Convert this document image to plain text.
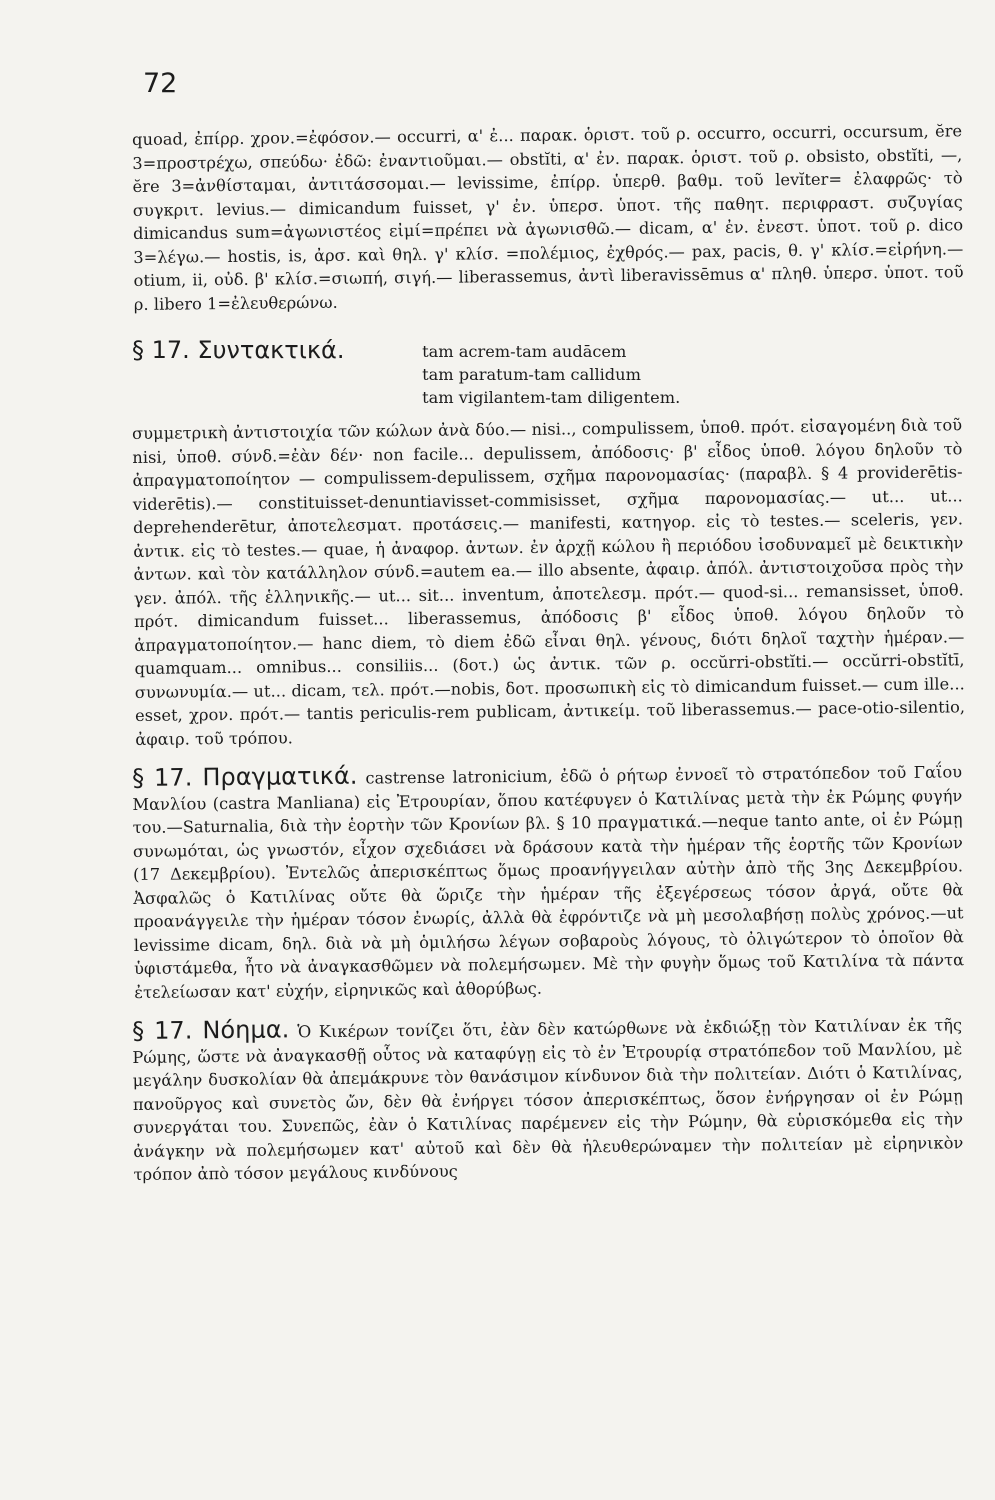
72

quoad, ἐπίρρ. χρον.=ἐφόσον.— occurri, α' ἐ... παρακ. ὁριστ. τοῦ ρ. occurro, occurri, occursum, ĕre 3=προστρέχω, σπεύδω· ἐδῶ: ἐναντιοῦμαι.— obstĭti, α' ἐν. παρακ. ὁριστ. τοῦ ρ. obsisto, obstĭti, —, ĕre 3=ἀνθίσταμαι, ἀντιτάσσομαι.— levissime, ἐπίρρ. ὑπερθ. βαθμ. τοῦ levĭter= ἐλαφρῶς· τὸ συγκριτ. levius.— dimicandum fuisset, γ' ἐν. ὑπερσ. ὑποτ. τῆς παθητ. περιφραστ. συζυγίας dimicandus sum=ἀγωνιστέος εἰμί=πρέπει νὰ ἀγωνισθῶ.— dicam, α' ἐν. ἐνεστ. ὑποτ. τοῦ ρ. dico 3=λέγω.— hostis, is, ἀρσ. καὶ θηλ. γ' κλίσ. =πολέμιος, ἐχθρός.— pax, pacis, θ. γ' κλίσ.=εἰρήνη.—otium, ii, οὐδ. β' κλίσ.=σιωπή, σιγή.— liberassemus, ἀντὶ liberavissēmus α' πληθ. ὑπερσ. ὑποτ. τοῦ ρ. libero 1=ἐλευθερώνω.

§ 17. Συντακτικά.	tam acrem-tam audācem
tam paratum-tam callidum
tam vigilantem-tam diligentem.

συμμετρικὴ ἀντιστοιχία τῶν κώλων ἀνὰ δύο.— nisi.., compulissem, ὑποθ. πρότ. εἰσαγομένη διὰ τοῦ nisi, ὑποθ. σύνδ.=ἐὰν δέν· non facile... depulissem, ἀπόδοσις· β' εἶδος ὑποθ. λόγου δηλοῦν τὸ ἀπραγματοποίητον — compulissem-depulissem, σχῆμα παρονομασίας· (παραβλ. § 4 providerētis-viderētis).— constituisset-denuntiavisset-commisisset, σχῆμα παρονομασίας.— ut... ut... deprehenderētur, ἀποτελεσματ. προτάσεις.— manifesti, κατηγορ. εἰς τὸ testes.— sceleris, γεν. ἀντικ. εἰς τὸ testes.— quae, ἡ ἀναφορ. ἀντων. ἐν ἀρχῇ κώλου ἢ περιόδου ἰσοδυναμεῖ μὲ δεικτικὴν ἀντων. καὶ τὸν κατάλληλον σύνδ.=autem ea.— illo absente, ἀφαιρ. ἀπόλ. ἀντιστοιχοῦσα πρὸς τὴν γεν. ἀπόλ. τῆς ἑλληνικῆς.— ut... sit... inventum, ἀποτελεσμ. πρότ.— quod-si... remansisset, ὑποθ. πρότ. dimicandum fuisset... liberassemus, ἀπόδοσις β' εἶδος ὑποθ. λόγου δηλοῦν τὸ ἀπραγματοποίητον.— hanc diem, τὸ diem ἐδῶ εἶναι θηλ. γένους, διότι δηλοῖ ταχτὴν ἡμέραν.—quamquam... omnibus... consiliis... (δοτ.) ὡς ἀντικ. τῶν ρ. occŭrri-obstĭti.— occŭrri-obstĭtī, συνωνυμία.— ut... dicam, τελ. πρότ.—nobis, δοτ. προσωπικὴ εἰς τὸ dimicandum fuisset.— cum ille... esset, χρον. πρότ.— tantis periculis-rem publicam, ἀντικείμ. τοῦ liberassemus.— pace-otio-silentio, ἀφαιρ. τοῦ τρόπου.

§ 17. Πραγματικά. castrense latronicium, ἐδῶ ὁ ρήτωρ ἐννοεῖ τὸ στρατόπεδον τοῦ Γαΐου Μανλίου (castra Manliana) εἰς Ἐτρουρίαν, ὅπου κατέφυγεν ὁ Κατιλίνας μετὰ τὴν ἐκ Ρώμης φυγήν του.—Saturnalia, διὰ τὴν ἑορτὴν τῶν Κρονίων βλ. § 10 πραγματικά.—neque tanto ante, οἱ ἐν Ρώμῃ συνωμόται, ὡς γνωστόν, εἶχον σχεδιάσει νὰ δράσουν κατὰ τὴν ἡμέραν τῆς ἑορτῆς τῶν Κρονίων (17 Δεκεμβρίου). Ἐντελῶς ἀπερισκέπτως ὅμως προανήγγειλαν αὐτὴν ἀπὸ τῆς 3ης Δεκεμβρίου. Ἀσφαλῶς ὁ Κατιλίνας οὔτε θὰ ὥριζε τὴν ἡμέραν τῆς ἐξεγέρσεως τόσον ἀργά, οὔτε θὰ προανάγγειλε τὴν ἡμέραν τόσον ἐνωρίς, ἀλλὰ θὰ ἐφρόντιζε νὰ μὴ μεσολαβήσῃ πολὺς χρόνος.—ut levissime dicam, δηλ. διὰ νὰ μὴ ὁμιλήσω λέγων σοβαροὺς λόγους, τὸ ὀλιγώτερον τὸ ὁποῖον θὰ ὑφιστάμεθα, ἦτο νὰ ἀναγκασθῶμεν νὰ πολεμήσωμεν. Μὲ τὴν φυγὴν ὅμως τοῦ Κατιλίνα τὰ πάντα ἐτελείωσαν κατ' εὐχήν, εἰρηνικῶς καὶ ἀθορύβως.

§ 17. Νόημα. Ὁ Κικέρων τονίζει ὅτι, ἐὰν δὲν κατώρθωνε νὰ ἐκδιώξῃ τὸν Κατιλίναν ἐκ τῆς Ρώμης, ὥστε νὰ ἀναγκασθῇ οὗτος νὰ καταφύγῃ εἰς τὸ ἐν Ἐτρουρίᾳ στρατόπεδον τοῦ Μανλίου, μὲ μεγάλην δυσκολίαν θὰ ἀπεμάκρυνε τὸν θανάσιμον κίνδυνον διὰ τὴν πολιτείαν. Διότι ὁ Κατιλίνας, πανοῦργος καὶ συνετὸς ὤν, δὲν θὰ ἐνήργει τόσον ἀπερισκέπτως, ὅσον ἐνήργησαν οἱ ἐν Ρώμῃ συνεργάται του. Συνεπῶς, ἐὰν ὁ Κατιλίνας παρέμενεν εἰς τὴν Ρώμην, θὰ εὑρισκόμεθα εἰς τὴν ἀνάγκην νὰ πολεμήσωμεν κατ' αὐτοῦ καὶ δὲν θὰ ἠλευθερώναμεν τὴν πολιτείαν μὲ εἰρηνικὸν τρόπον ἀπὸ τόσον μεγάλους κινδύνους
